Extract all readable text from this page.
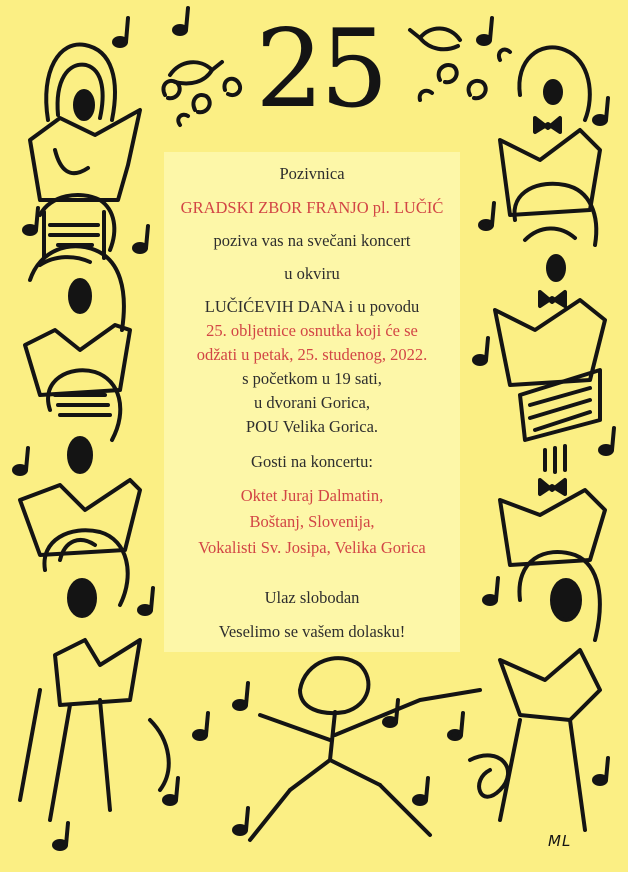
25
Pozivnica
GRADSKI ZBOR FRANJO pl. LUČIĆ
poziva vas na svečani koncert
u okviru
LUČIĆEVIH DANA i u povodu
25. obljetnice osnutka koji će se
odžati u petak, 25. studenog, 2022.
s početkom u 19 sati,
u dvorani Gorica,
POU Velika Gorica.
Gosti na koncertu:
Oktet Juraj Dalmatin,
Boštanj, Slovenija,
Vokalisti Sv. Josipa, Velika Gorica
Ulaz slobodan
Veselimo se vašem dolasku!
ML
